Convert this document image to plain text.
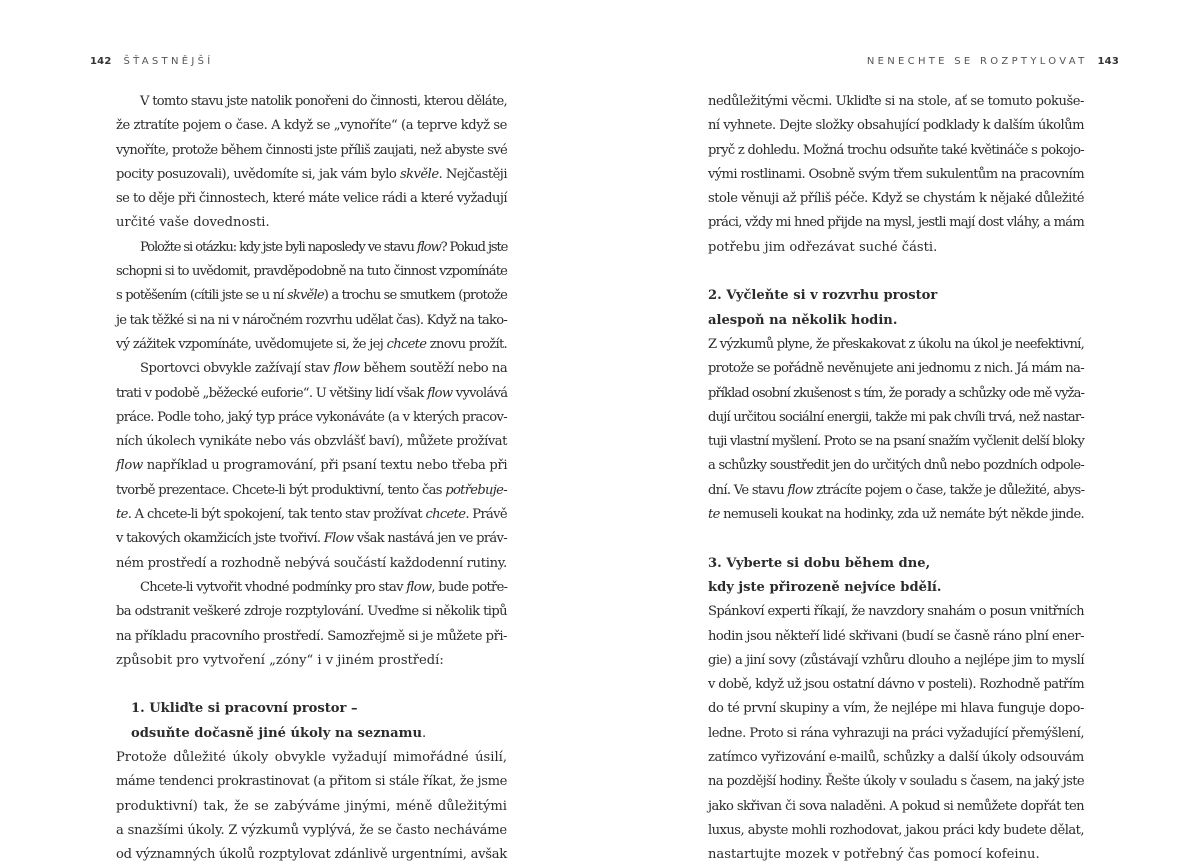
142 ŠŤASTNĚJŠÍ

V tomto stavu jste natolik ponořeni do činnosti, kterou děláte,
že ztratíte pojem o čase. A když se „vynoříte“ (a teprve když se
vynoříte, protože během činnosti jste příliš zaujati, než abyste své
pocity posuzovali), uvědomíte si, jak vám bylo skvěle. Nejčastěji
se to děje při činnostech, které máte velice rádi a které vyžadují
určité vaše dovednosti.

Položte si otázku: kdy jste byli naposledy ve stavu flow? Pokud jste
schopni si to uvědomit, pravděpodobně na tuto činnost vzpomínáte
s potěšením (cítili jste se u ní skvěle) a trochu se smutkem (protože
je tak těžké si na ni v náročném rozvrhu udělat čas). Když na tako-
vý zážitek vzpomínáte, uvědomujete si, že jej chcete znovu prožít.

Sportovci obvykle zažívají stav flow během soutěží nebo na
trati v podobě „běžecké euforie“. U většiny lidí však flow vyvolává
práce. Podle toho, jaký typ práce vykonáváte (a v kterých pracov-
ních úkolech vynikáte nebo vás obzvlášť baví), můžete prožívat
flow například u programování, při psaní textu nebo třeba při
tvorbě prezentace. Chcete-li být produktivní, tento čas potřebuje-
te. A chcete-li být spokojení, tak tento stav prožívat chcete. Právě
v takových okamžicích jste tvořiví. Flow však nastává jen ve práv-
ném prostředí a rozhodně nebývá součástí každodenní rutiny.

Chcete-li vytvořit vhodné podmínky pro stav flow, bude potře-
ba odstranit veškeré zdroje rozptylování. Uveďme si několik tipů
na příkladu pracovního prostředí. Samozřejmě si je můžete při-
způsobit pro vytvoření „zóny“ i v jiném prostředí:

1. Ukliďte si pracovní prostor –
odsuňte dočasně jiné úkoly na seznamu.

Protože důležité úkoly obvykle vyžadují mimořádné úsilí,
máme tendenci prokrastinovat (a přitom si stále říkat, že jsme
produktivní) tak, že se zabýváme jinými, méně důležitými
a snazšími úkoly. Z výzkumů vyplývá, že se často necháváme
od významných úkolů rozptylovat zdánlivě urgentními, avšak

NENECHTE SE ROZPTYLOVAT 143

nedůležitými věcmi. Ukliďte si na stole, ať se tomuto pokuše-
ní vyhnete. Dejte složky obsahující podklady k dalším úkolům
pryč z dohledu. Možná trochu odsuňte také květináče s pokojo-
vými rostlinami. Osobně svým třem sukulentům na pracovním
stole věnuji až příliš péče. Když se chystám k nějaké důležité
práci, vždy mi hned přijde na mysl, jestli mají dost vláhy, a mám
potřebu jim odřezávat suché části.

2. Vyčleňte si v rozvrhu prostor
alespoň na několik hodin.

Z výzkumů plyne, že přeskakovat z úkolu na úkol je neefektivní,
protože se pořádně nevěnujete ani jednomu z nich. Já mám na-
příklad osobní zkušenost s tím, že porady a schůzky ode mě vyža-
dují určitou sociální energii, takže mi pak chvíli trvá, než nastar-
tuji vlastní myšlení. Proto se na psaní snažím vyčlenit delší bloky
a schůzky soustředit jen do určitých dnů nebo pozdních odpole-
dní. Ve stavu flow ztrácíte pojem o čase, takže je důležité, abys-
te nemuseli koukat na hodinky, zda už nemáte být někde jinde.

3. Vyberte si dobu během dne,
kdy jste přirozeně nejvíce bdělí.

Spánkoví experti říkají, že navzdory snahám o posun vnitřních
hodin jsou někteří lidé skřivani (budí se časně ráno plní ener-
gie) a jiní sovy (zůstávají vzhůru dlouho a nejlépe jim to myslí
v době, když už jsou ostatní dávno v posteli). Rozhodně patřím
do té první skupiny a vím, že nejlépe mi hlava funguje dopo-
ledne. Proto si rána vyhrazuji na práci vyžadující přemýšlení,
zatímco vyřizování e-mailů, schůzky a další úkoly odsouvám
na pozdější hodiny. Řešte úkoly v souladu s časem, na jaký jste
jako skřivan či sova naladěni. A pokud si nemůžete dopřát ten
luxus, abyste mohli rozhodovat, jakou práci kdy budete dělat,
nastartujte mozek v potřebný čas pomocí kofeinu.
